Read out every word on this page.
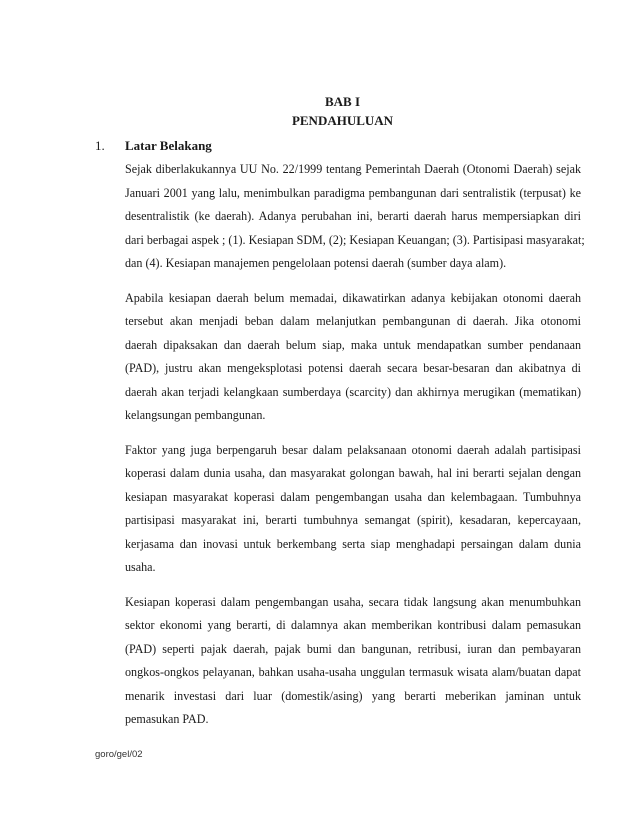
BAB I
PENDAHULUAN
1. Latar Belakang
Sejak diberlakukannya UU No. 22/1999 tentang Pemerintah Daerah (Otonomi Daerah) sejak
Januari 2001 yang lalu, menimbulkan paradigma pembangunan dari sentralistik (terpusat) ke
desentralistik (ke daerah). Adanya perubahan ini, berarti daerah harus mempersiapkan diri
dari berbagai aspek ; (1). Kesiapan SDM, (2); Kesiapan Keuangan; (3). Partisipasi masyarakat;
dan (4). Kesiapan manajemen pengelolaan potensi daerah (sumber daya alam).
Apabila kesiapan daerah belum memadai, dikawatirkan adanya kebijakan otonomi daerah
tersebut akan menjadi beban dalam melanjutkan pembangunan di daerah. Jika otonomi
daerah dipaksakan dan daerah belum siap, maka untuk mendapatkan sumber pendanaan
(PAD), justru akan mengeksplotasi potensi daerah secara besar-besaran dan akibatnya di
daerah akan terjadi kelangkaan sumberdaya (scarcity) dan akhirnya merugikan (mematikan)
kelangsungan pembangunan.
Faktor yang juga berpengaruh besar dalam pelaksanaan otonomi daerah adalah partisipasi
koperasi dalam dunia usaha, dan masyarakat golongan bawah, hal ini berarti sejalan dengan
kesiapan masyarakat koperasi dalam pengembangan usaha dan kelembagaan. Tumbuhnya
partisipasi masyarakat ini, berarti tumbuhnya semangat (spirit), kesadaran, kepercayaan,
kerjasama dan inovasi untuk berkembang serta siap menghadapi persaingan dalam dunia
usaha.
Kesiapan koperasi dalam pengembangan usaha, secara tidak langsung akan menumbuhkan
sektor ekonomi yang berarti, di dalamnya akan memberikan kontribusi dalam pemasukan
(PAD) seperti pajak daerah, pajak bumi dan bangunan, retribusi, iuran dan pembayaran
ongkos-ongkos pelayanan, bahkan usaha-usaha unggulan termasuk wisata alam/buatan dapat
menarik investasi dari luar (domestik/asing) yang berarti meberikan jaminan untuk
pemasukan PAD.
goro/gel/02
